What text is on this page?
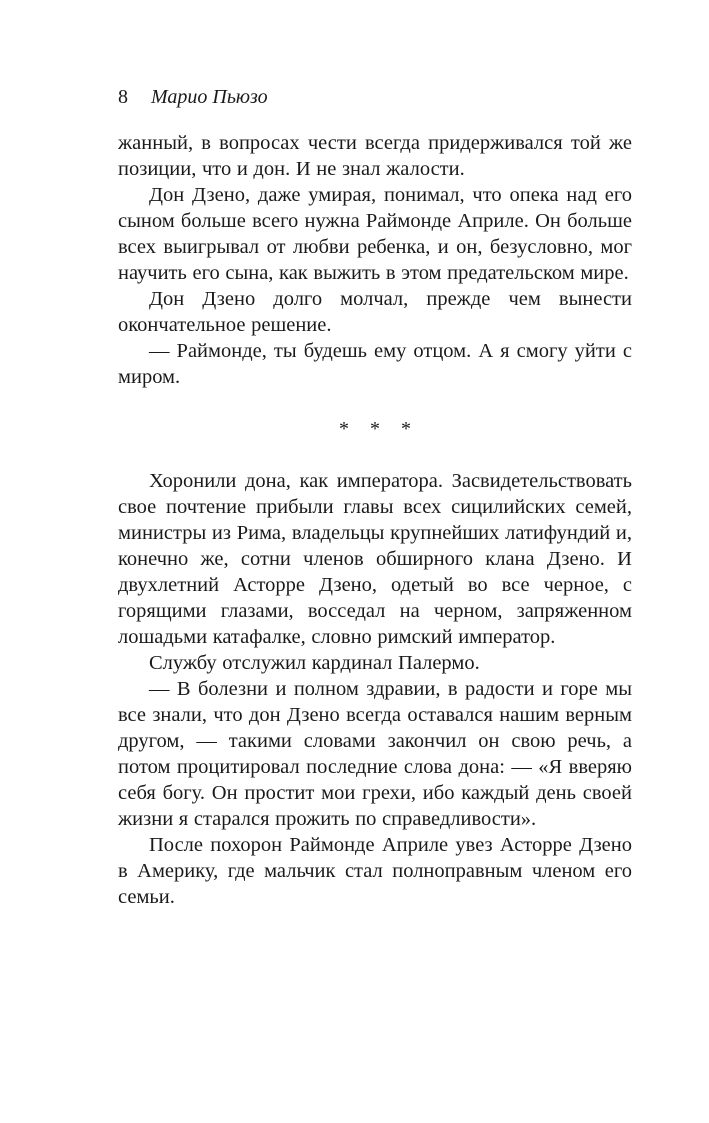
8 Марио Пьюзо

жанный, в вопросах чести всегда придерживался той же позиции, что и дон. И не знал жалости.

Дон Дзено, даже умирая, понимал, что опека над его сыном больше всего нужна Раймонде Априле. Он больше всех выигрывал от любви ребенка, и он, безусловно, мог научить его сына, как выжить в этом предательском мире.

Дон Дзено долго молчал, прежде чем вынести окончательное решение.

— Раймонде, ты будешь ему отцом. А я смогу уйти с миром.

* * *

Хоронили дона, как императора. Засвидетельствовать свое почтение прибыли главы всех сицилийских семей, министры из Рима, владельцы крупнейших латифундий и, конечно же, сотни членов обширного клана Дзено. И двухлетний Асторре Дзено, одетый во все черное, с горящими глазами, восседал на черном, запряженном лошадьми катафалке, словно римский император.

Службу отслужил кардинал Палермо.

— В болезни и полном здравии, в радости и горе мы все знали, что дон Дзено всегда оставался нашим верным другом, — такими словами закончил он свою речь, а потом процитировал последние слова дона: — «Я вверяю себя богу. Он простит мои грехи, ибо каждый день своей жизни я старался прожить по справедливости».

После похорон Раймонде Априле увез Асторре Дзено в Америку, где мальчик стал полноправным членом его семьи.
